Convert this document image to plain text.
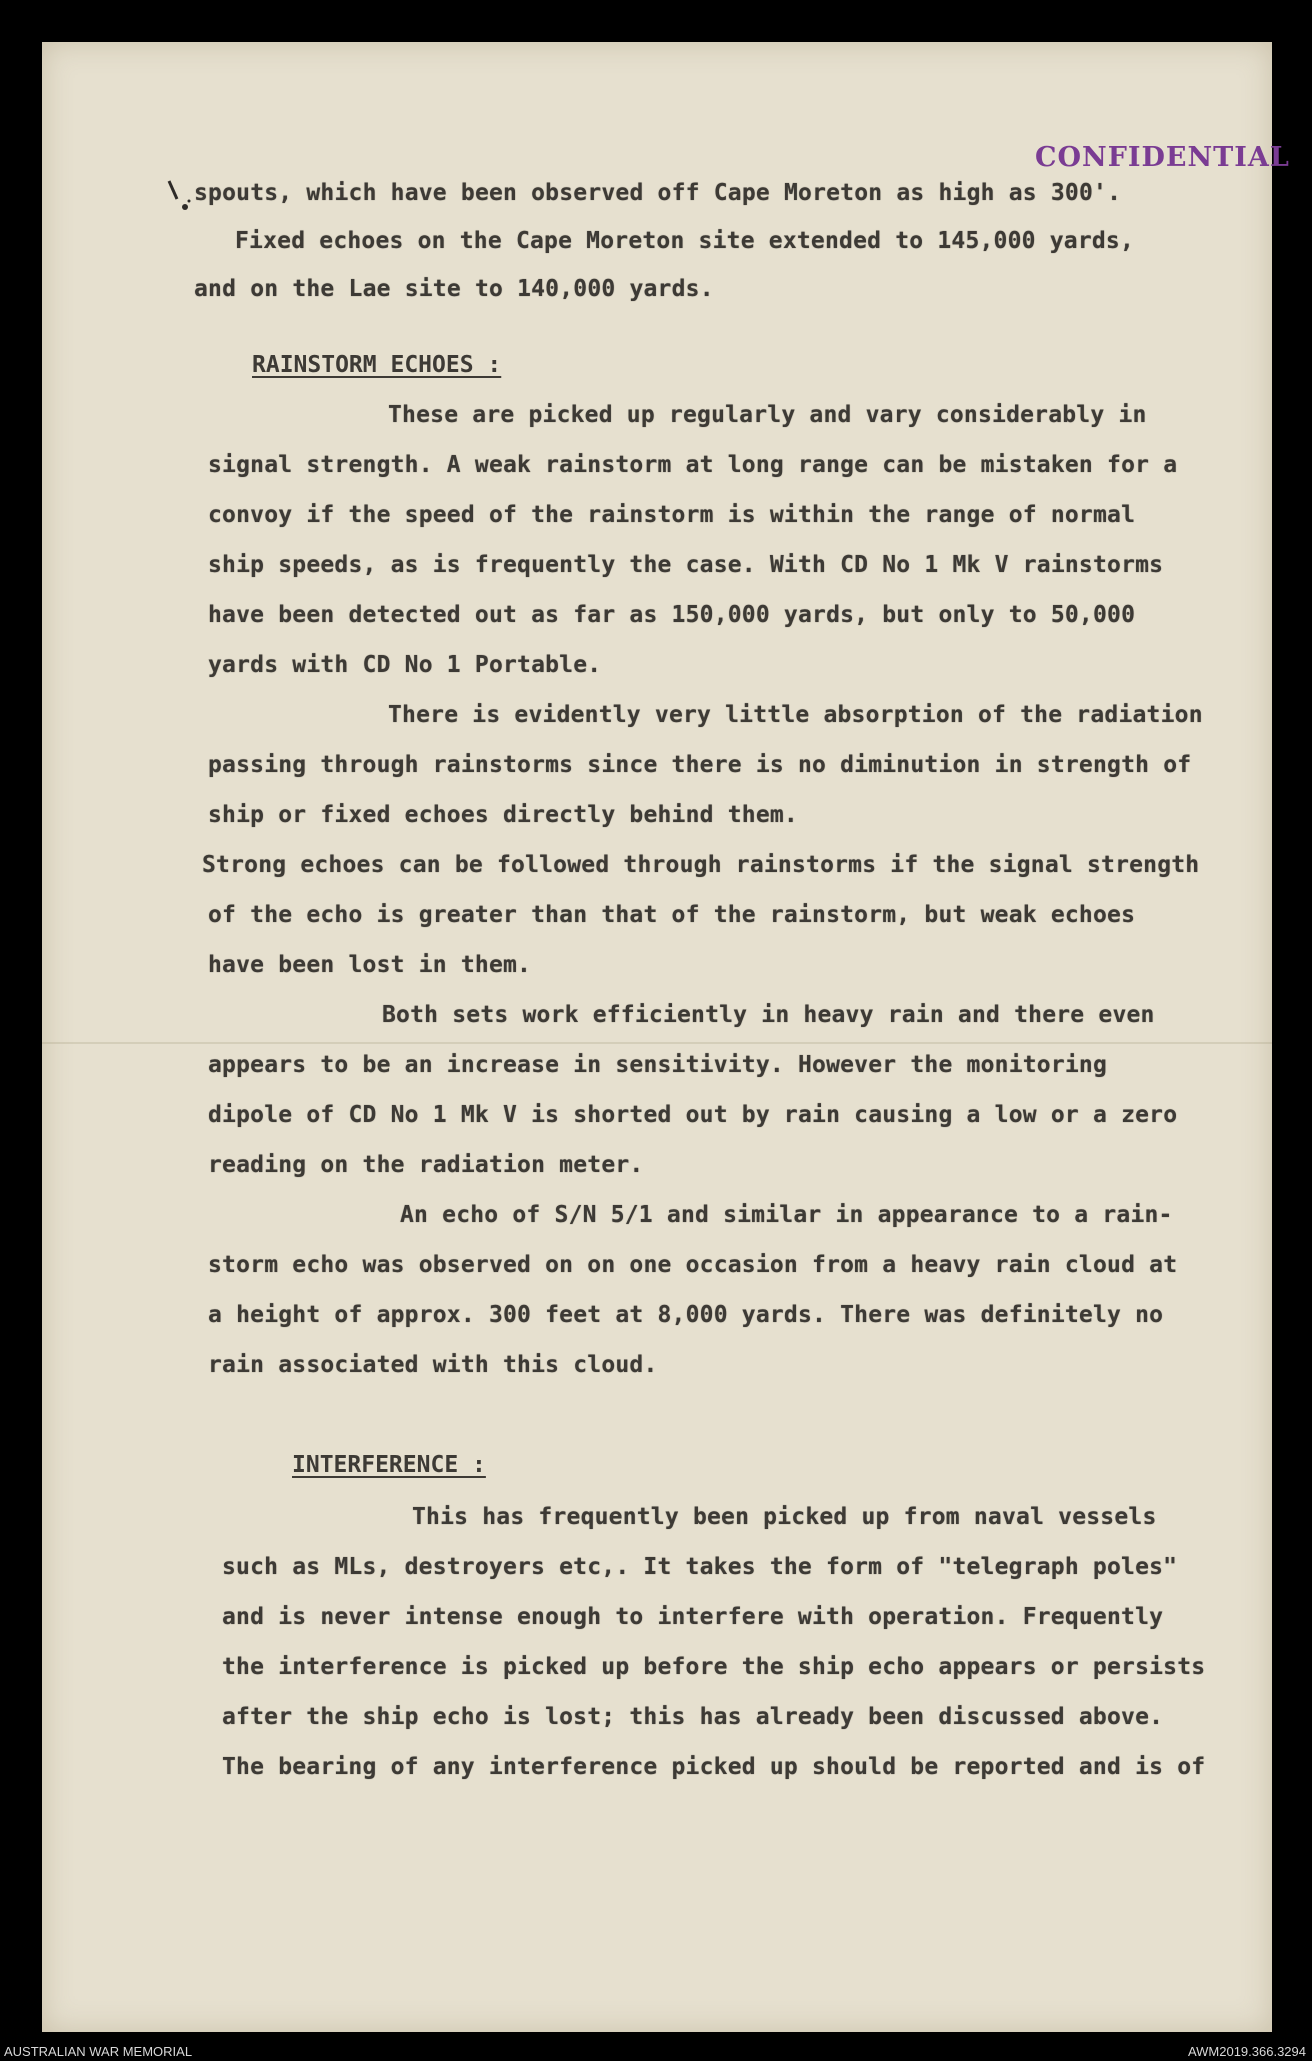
CONFIDENTIAL

spouts, which have been observed off Cape Moreton as high as 300'.

Fixed echoes on the Cape Moreton site extended to 145,000 yards,

and on the Lae site to 140,000 yards.

RAINSTORM ECHOES :

These are picked up regularly and vary considerably in

signal strength. A weak rainstorm at long range can be mistaken for a

convoy if the speed of the rainstorm is within the range of normal

ship speeds, as is frequently the case. With CD No 1 Mk V rainstorms

have been detected out as far as 150,000 yards, but only to 50,000

yards with CD No 1 Portable.

There is evidently very little absorption of the radiation

passing through rainstorms since there is no diminution in strength of

ship or fixed echoes directly behind them.

Strong echoes can be followed through rainstorms if the signal strength

of the echo is greater than that of the rainstorm, but weak echoes

have been lost in them.

Both sets work efficiently in heavy rain and there even

appears to be an increase in sensitivity. However the monitoring

dipole of CD No 1 Mk V is shorted out by rain causing a low or a zero

reading on the radiation meter.

An echo of S/N 5/1 and similar in appearance to a rain-

storm echo was observed on on one occasion from a heavy rain cloud at

a height of approx. 300 feet at 8,000 yards. There was definitely no

rain associated with this cloud.

INTERFERENCE :

This has frequently been picked up from naval vessels

such as MLs, destroyers etc,. It takes the form of "telegraph poles"

and is never intense enough to interfere with operation. Frequently

the interference is picked up before the ship echo appears or persists

after the ship echo is lost; this has already been discussed above.

The bearing of any interference picked up should be reported and is of

AUSTRALIAN WAR MEMORIAL	AWM2019.366.3294
